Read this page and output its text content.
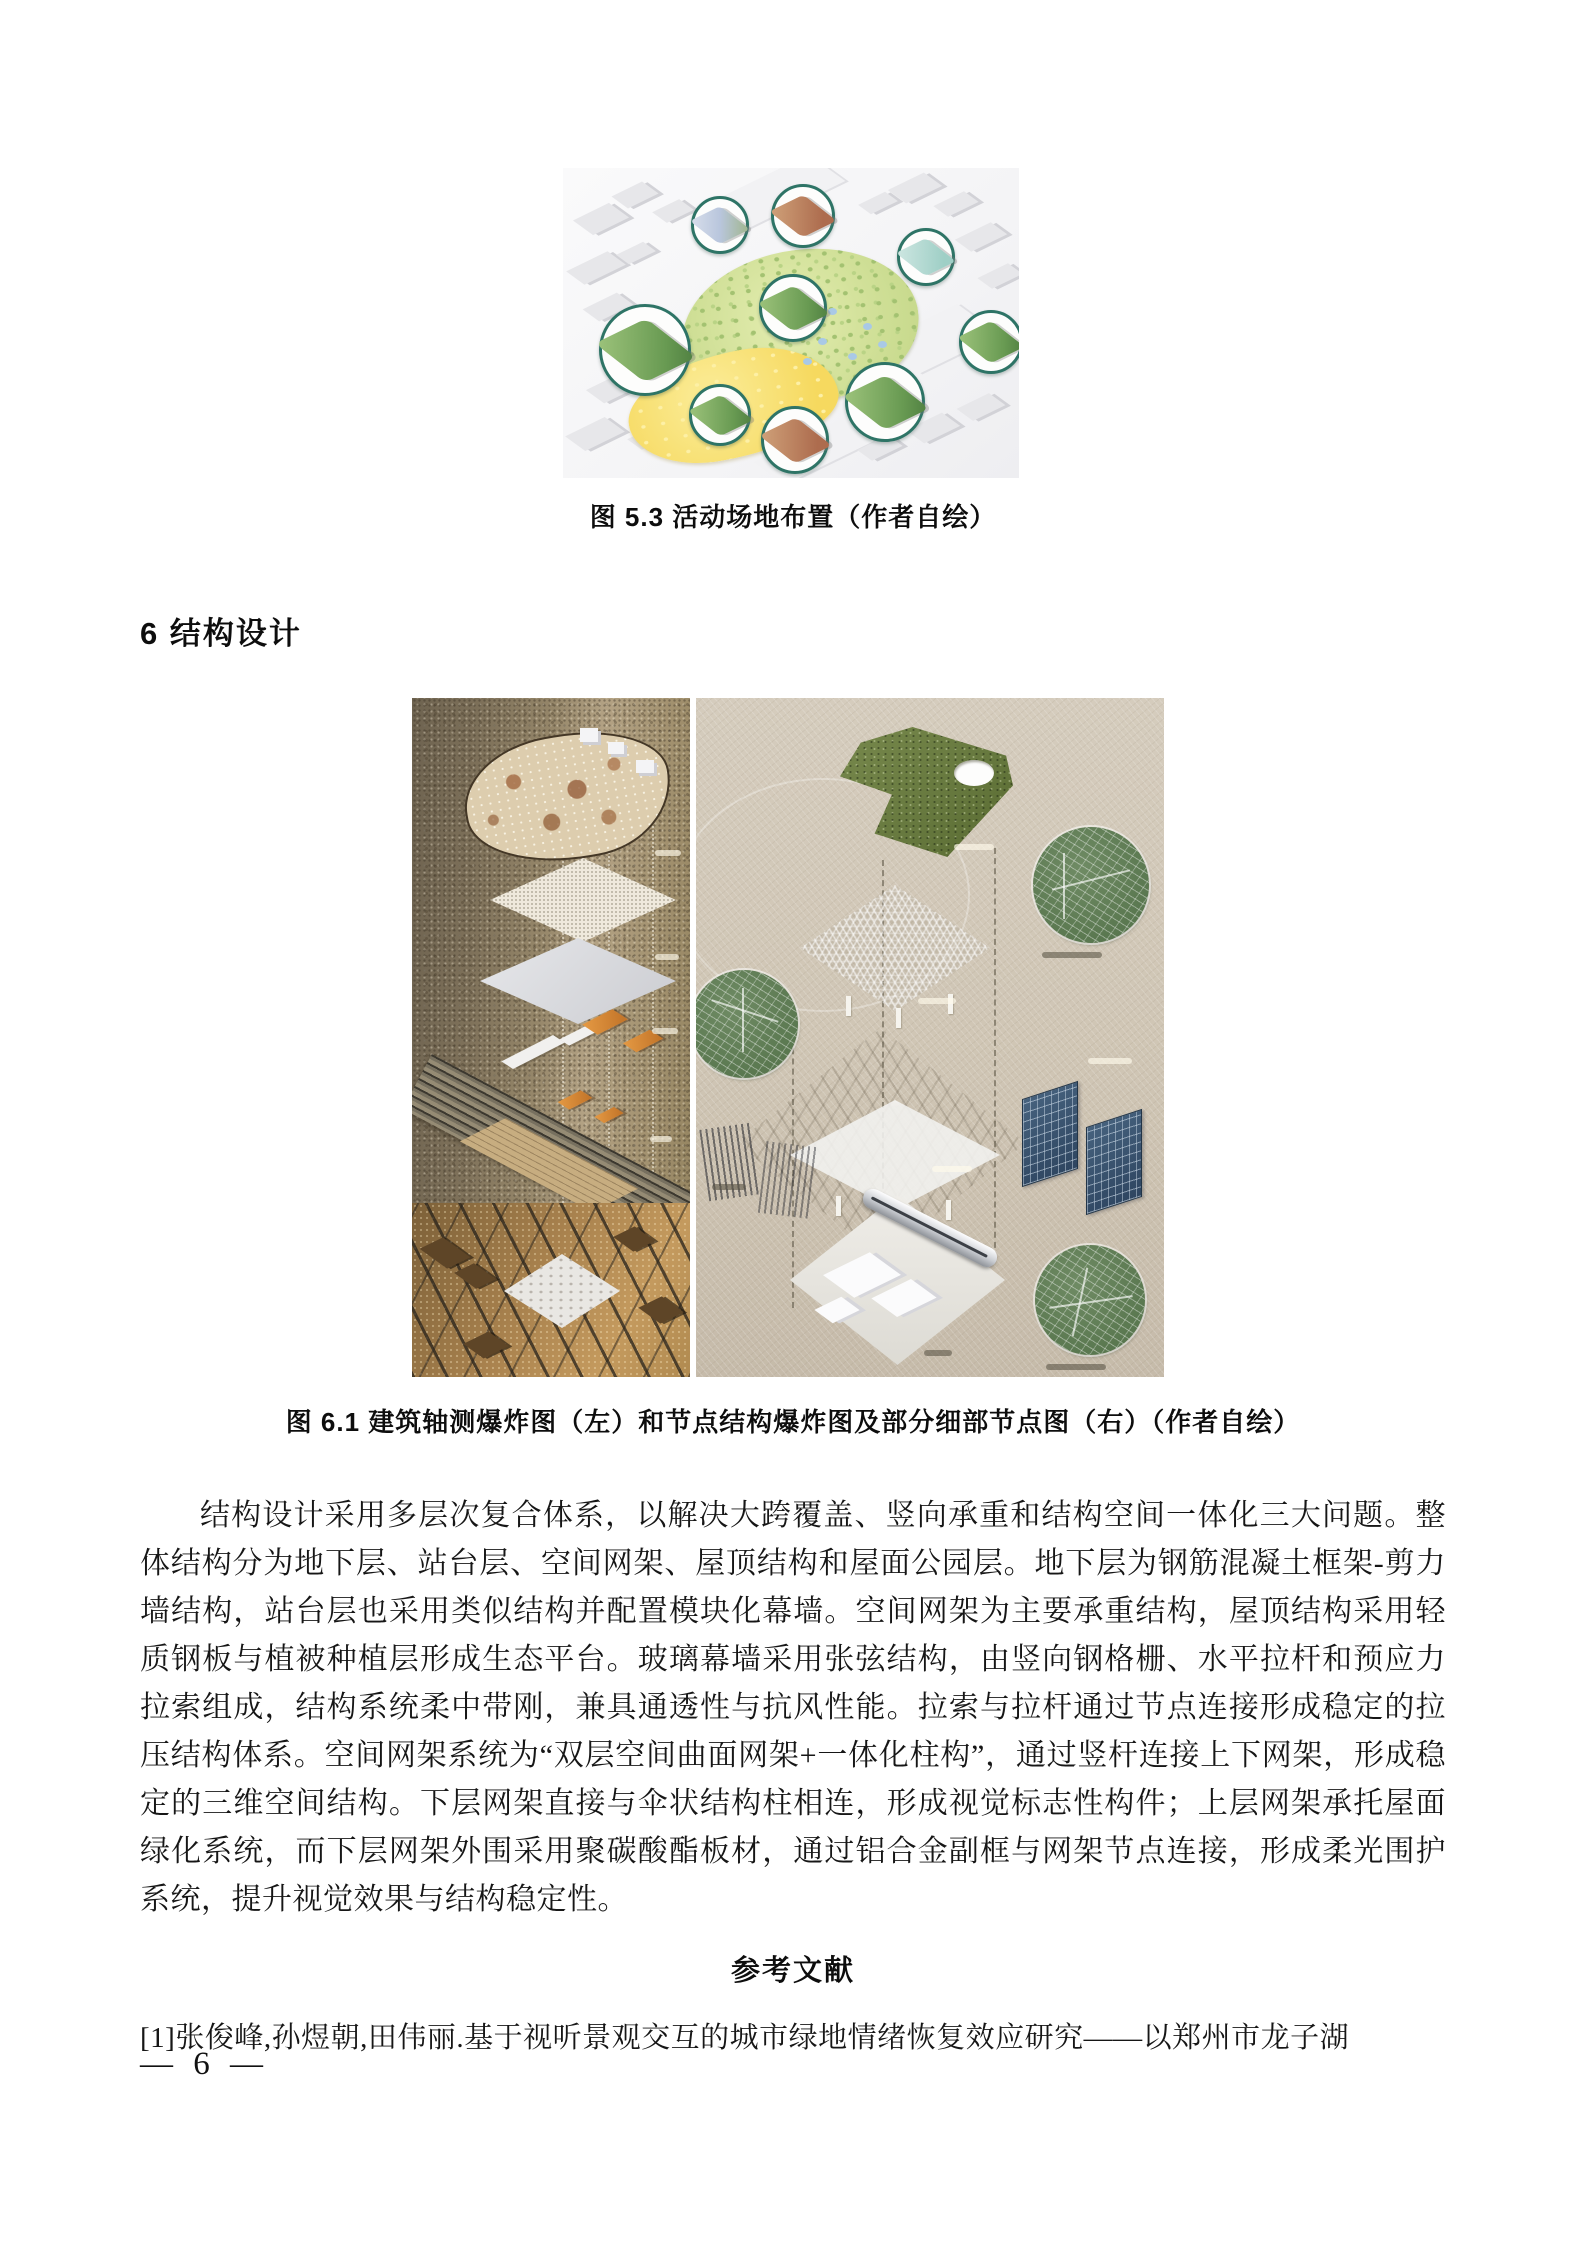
图 5.3 活动场地布置（作者自绘）
6 结构设计
图 6.1 建筑轴测爆炸图（左）和节点结构爆炸图及部分细部节点图（右）（作者自绘）

结构设计采用多层次复合体系，以解决大跨覆盖、竖向承重和结构空间一体化三大问题。整体结构分为地下层、站台层、空间网架、屋顶结构和屋面公园层。地下层为钢筋混凝土框架-剪力墙结构，站台层也采用类似结构并配置模块化幕墙。空间网架为主要承重结构，屋顶结构采用轻质钢板与植被种植层形成生态平台。玻璃幕墙采用张弦结构，由竖向钢格栅、水平拉杆和预应力拉索组成，结构系统柔中带刚，兼具通透性与抗风性能。拉索与拉杆通过节点连接形成稳定的拉压结构体系。空间网架系统为“双层空间曲面网架+一体化柱构”，通过竖杆连接上下网架，形成稳定的三维空间结构。下层网架直接与伞状结构柱相连，形成视觉标志性构件；上层网架承托屋面绿化系统，而下层网架外围采用聚碳酸酯板材，通过铝合金副框与网架节点连接，形成柔光围护系统，提升视觉效果与结构稳定性。

参考文献

[1]张俊峰,孙煜朝,田伟丽.基于视听景观交互的城市绿地情绪恢复效应研究——以郑州市龙子湖

— 6 —
